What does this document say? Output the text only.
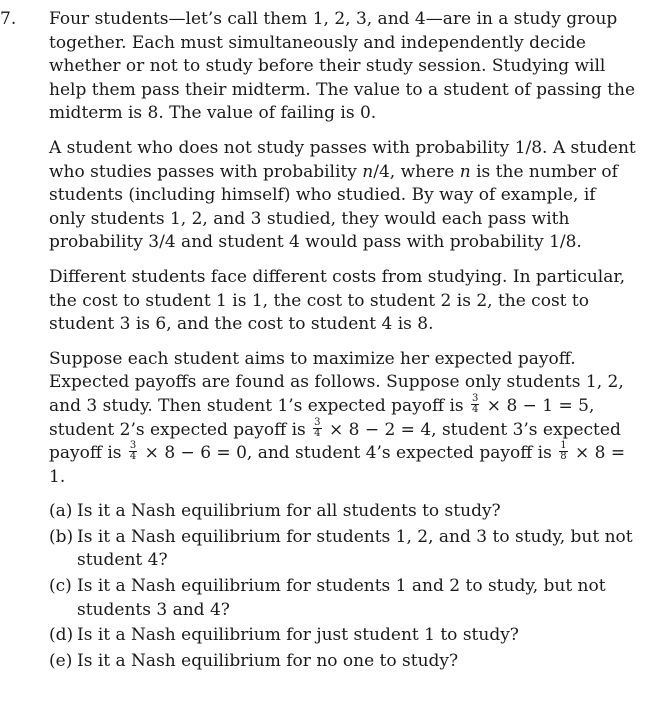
7. Four students—let’s call them 1, 2, 3, and 4—are in a study group together. Each must simultaneously and independently decide whether or not to study before their study session. Studying will help them pass their midterm. The value to a student of passing the midterm is 8. The value of failing is 0.

A student who does not study passes with probability 1/8. A student who studies passes with probability n/4, where n is the number of students (including himself) who studied. By way of example, if only students 1, 2, and 3 studied, they would each pass with probability 3/4 and student 4 would pass with probability 1/8.

Different students face different costs from studying. In particular, the cost to student 1 is 1, the cost to student 2 is 2, the cost to student 3 is 6, and the cost to student 4 is 8.

Suppose each student aims to maximize her expected payoff. Expected payoffs are found as follows. Suppose only students 1, 2, and 3 study. Then student 1’s expected payoff is $\frac{3}{4} \times 8 - 1 = 5$, student 2’s expected payoff is $\frac{3}{4} \times 8 - 2 = 4$, student 3’s expected payoff is $\frac{3}{4} \times 8 - 6 = 0$, and student 4’s expected payoff is $\frac{1}{8} \times 8 = 1$.

(a) Is it a Nash equilibrium for all students to study?
(b) Is it a Nash equilibrium for students 1, 2, and 3 to study, but not student 4?
(c) Is it a Nash equilibrium for students 1 and 2 to study, but not students 3 and 4?
(d) Is it a Nash equilibrium for just student 1 to study?
(e) Is it a Nash equilibrium for no one to study?
